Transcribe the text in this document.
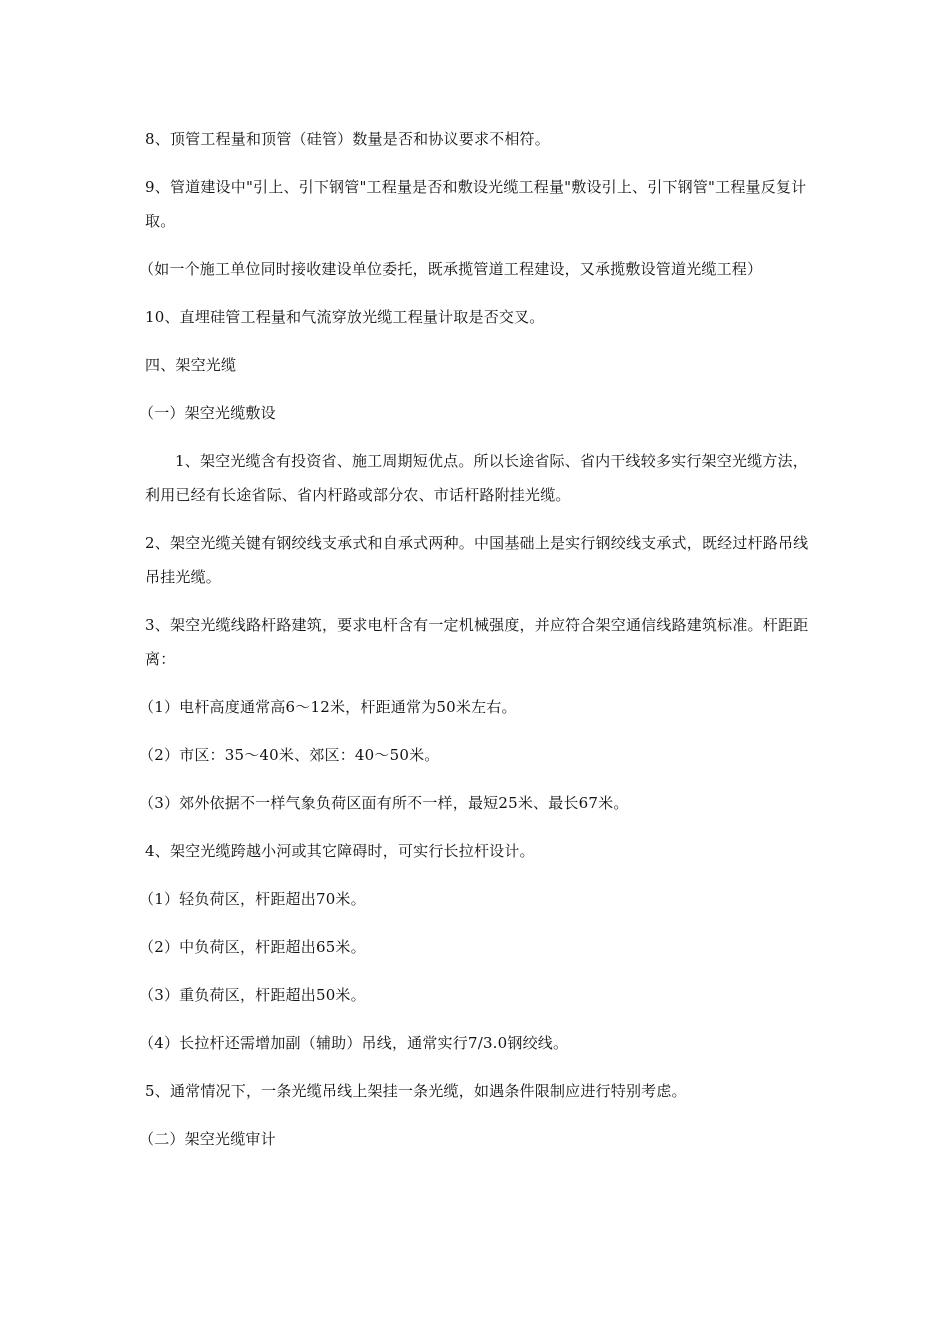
8、顶管工程量和顶管（硅管）数量是否和协议要求不相符。

9、管道建设中"引上、引下钢管"工程量是否和敷设光缆工程量"敷设引上、引下钢管"工程量反复计取。

（如一个施工单位同时接收建设单位委托，既承揽管道工程建设，又承揽敷设管道光缆工程）

10、直埋硅管工程量和气流穿放光缆工程量计取是否交叉。

四、架空光缆

（一）架空光缆敷设

1、架空光缆含有投资省、施工周期短优点。所以长途省际、省内干线较多实行架空光缆方法，利用已经有长途省际、省内杆路或部分农、市话杆路附挂光缆。

2、架空光缆关键有钢绞线支承式和自承式两种。中国基础上是实行钢绞线支承式，既经过杆路吊线吊挂光缆。

3、架空光缆线路杆路建筑，要求电杆含有一定机械强度，并应符合架空通信线路建筑标准。杆距距离：

（1）电杆高度通常高6～12米，杆距通常为50米左右。

（2）市区：35～40米、郊区：40～50米。

（3）郊外依据不一样气象负荷区面有所不一样，最短25米、最长67米。

4、架空光缆跨越小河或其它障碍时，可实行长拉杆设计。

（1）轻负荷区，杆距超出70米。

（2）中负荷区，杆距超出65米。

（3）重负荷区，杆距超出50米。

（4）长拉杆还需增加副（辅助）吊线，通常实行7/3.0钢绞线。

5、通常情况下，一条光缆吊线上架挂一条光缆，如遇条件限制应进行特别考虑。

（二）架空光缆审计
